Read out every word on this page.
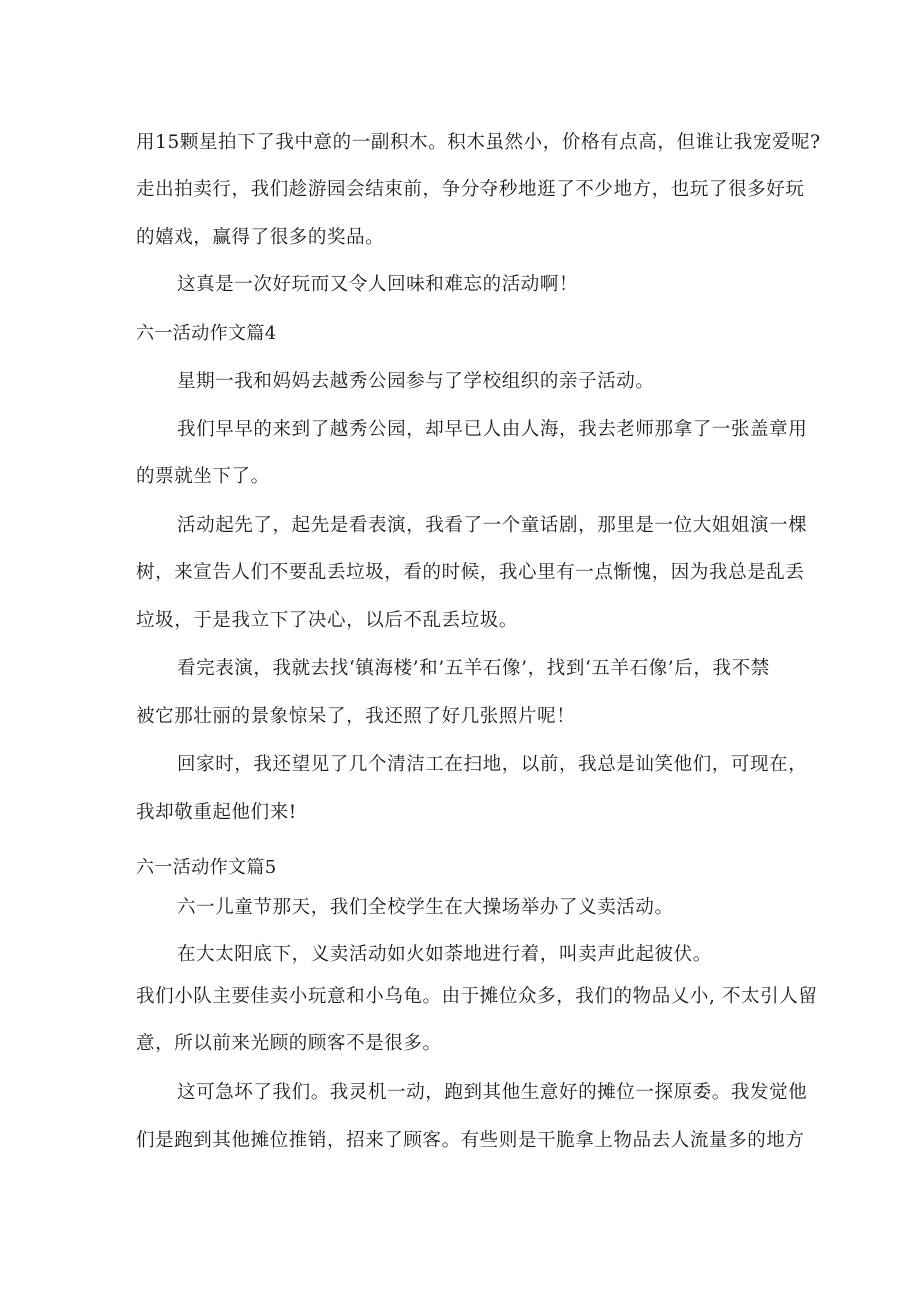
用15颗星拍下了我中意的一副积木。积木虽然小，价格有点高，但谁让我宠爱呢?
走出拍卖行，我们趁游园会结束前，争分夺秒地逛了不少地方，也玩了很多好玩
的嬉戏，赢得了很多的奖品。
这真是一次好玩而又令人回味和难忘的活动啊！
六一活动作文篇4
星期一我和妈妈去越秀公园参与了学校组织的亲子活动。
我们早早的来到了越秀公园，却早已人由人海，我去老师那拿了一张盖章用
的票就坐下了。
活动起先了，起先是看表演，我看了一个童话剧，那里是一位大姐姐演一棵
树，来宣告人们不要乱丢垃圾，看的时候，我心里有一点惭愧，因为我总是乱丢
垃圾，于是我立下了决心，以后不乱丢垃圾。
看完表演，我就去找‘镇海楼’和’五羊石像’，找到‘五羊石像’后，我不禁
被它那壮丽的景象惊呆了，我还照了好几张照片呢！
回家时，我还望见了几个清洁工在扫地，以前，我总是讪笑他们，可现在，
我却敬重起他们来!
六一活动作文篇5
六一儿童节那天，我们全校学生在大操场举办了义卖活动。
在大太阳底下，义卖活动如火如荼地进行着，叫卖声此起彼伏。
我们小队主要佳卖小玩意和小乌龟。由于摊位众多，我们的物品乂小, 不太引人留
意，所以前来光顾的顾客不是很多。
这可急坏了我们。我灵机一动，跑到其他生意好的摊位一探原委。我发觉他
们是跑到其他摊位推销，招来了顾客。有些则是干脆拿上物品去人流量多的地方
